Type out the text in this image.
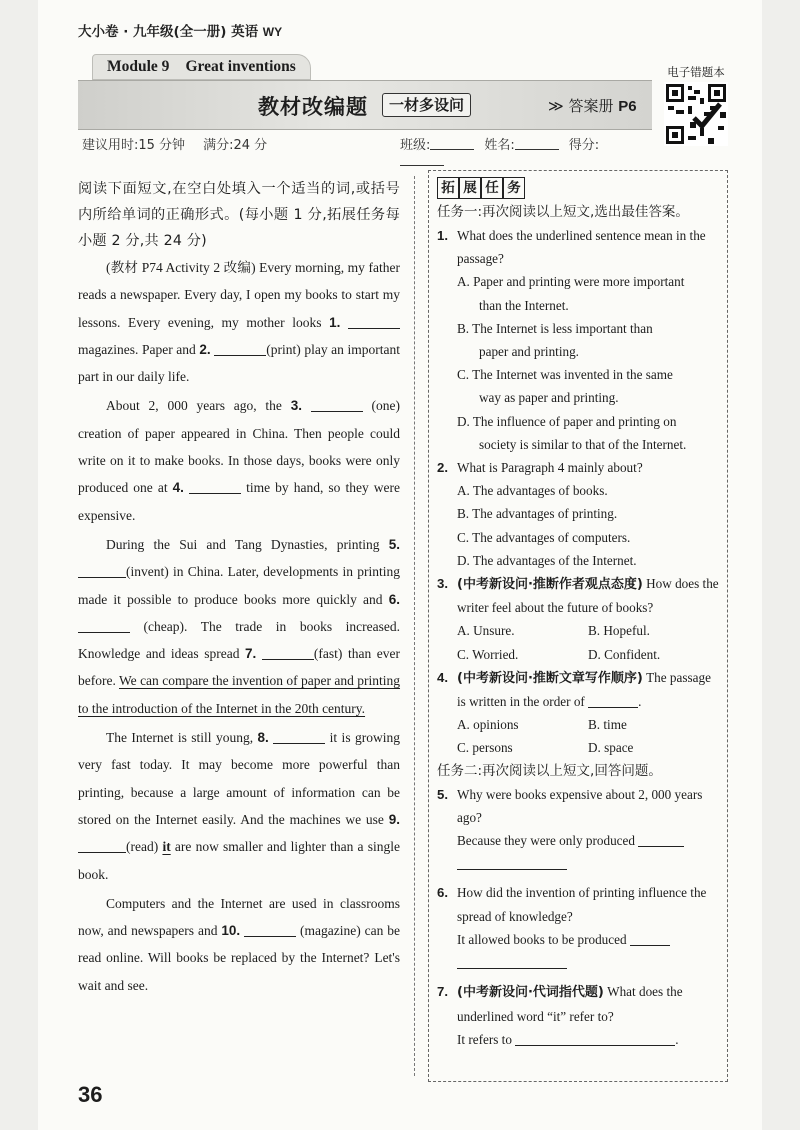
大小卷 · 九年级(全一册) 英语 WY
Module 9 Great inventions
教材改编题	一材多设问	≫ 答案册 P6
建议用时:15 分钟 满分:24 分	班级:	姓名:	得分:
电子错题本

阅读下面短文,在空白处填入一个适当的词,或括号内所给单词的正确形式。(每小题 1 分,拓展任务每小题 2 分,共 24 分)

(教材 P74 Activity 2 改编) Every morning, my father reads a newspaper. Every day, I open my books to start my lessons. Every evening, my mother looks 1.  magazines. Paper and 2.	(print) play an important part in our daily life.

About 2, 000 years ago, the 3.	(one) creation of paper appeared in China. Then people could write on it to make books. In those days, books were only produced one at 4.	time by hand, so they were expensive.

During the Sui and Tang Dynasties, printing 5. (invent) in China. Later, developments in printing made it possible to produce books more quickly and 6.  (cheap). The trade in books increased. Knowledge and ideas spread 7.	(fast) than ever before. We can compare the invention of paper and printing to the introduction of the Internet in the 20th century.

The Internet is still young, 8.	it is growing very fast today. It may become more powerful than printing, because a large amount of information can be stored on the Internet easily. And the machines we use 9. (read) it are now smaller and lighter than a single book.

Computers and the Internet are used in classrooms now, and newspapers and 10.	(magazine) can be read online. Will books be replaced by the Internet? Let's wait and see.

拓 展 任 务
任务一:再次阅读以上短文,选出最佳答案。
1. What does the underlined sentence mean in the passage?
A. Paper and printing were more important
than the Internet.
B. The Internet is less important than
paper and printing.
C. The Internet was invented in the same
way as paper and printing.
D. The influence of paper and printing on
society is similar to that of the Internet.
2. What is Paragraph 4 mainly about?
A. The advantages of books.
B. The advantages of printing.
C. The advantages of computers.
D. The advantages of the Internet.
3. (中考新设问·推断作者观点态度) How does the writer feel about the future of books?
A. Unsure.	B. Hopeful.
C. Worried.	D. Confident.
4. (中考新设问·推断文章写作顺序) The passage is written in the order of	.
A. opinions	B. time
C. persons	D. space
任务二:再次阅读以上短文,回答问题。
5. Why were books expensive about 2, 000 years ago?
Because they were only produced

6. How did the invention of printing influence the spread of knowledge?
It allowed books to be produced

7. (中考新设问·代词指代题) What does the underlined word “it” refer to?
It refers to	.
36
